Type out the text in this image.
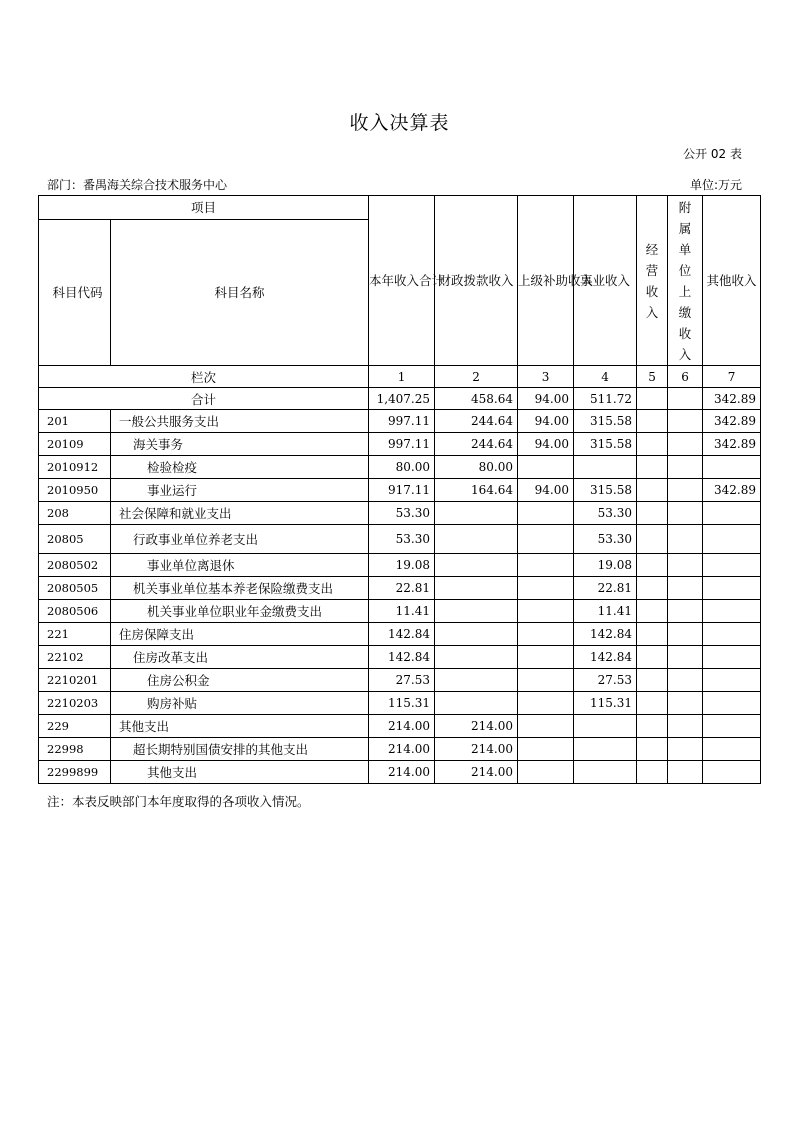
收入决算表
公开 02 表
部门：番禺海关综合技术服务中心	单位:万元
项目		本年收入合计	财政拨款收入	上级补助收入	事业收入	经营收入	附属单位上缴收入	其他收入
科目代码	科目名称							
栏次		1	2	3	4	5	6	7
合计		1,407.25	458.64	94.00	511.72			342.89
201	一般公共服务支出	997.11	244.64	94.00	315.58			342.89
20109	海关事务	997.11	244.64	94.00	315.58			342.89
2010912	检验检疫	80.00	80.00					
2010950	事业运行	917.11	164.64	94.00	315.58			342.89
208	社会保障和就业支出	53.30			53.30			
20805	行政事业单位养老支出	53.30			53.30			
2080502	事业单位离退休	19.08			19.08			
2080505	机关事业单位基本养老保险缴费支出	22.81			22.81			
2080506	机关事业单位职业年金缴费支出	11.41			11.41			
221	住房保障支出	142.84			142.84			
22102	住房改革支出	142.84			142.84			
2210201	住房公积金	27.53			27.53			
2210203	购房补贴	115.31			115.31			
229	其他支出	214.00	214.00					
22998	超长期特别国债安排的其他支出	214.00	214.00					
2299899	其他支出	214.00	214.00					
注：本表反映部门本年度取得的各项收入情况。
